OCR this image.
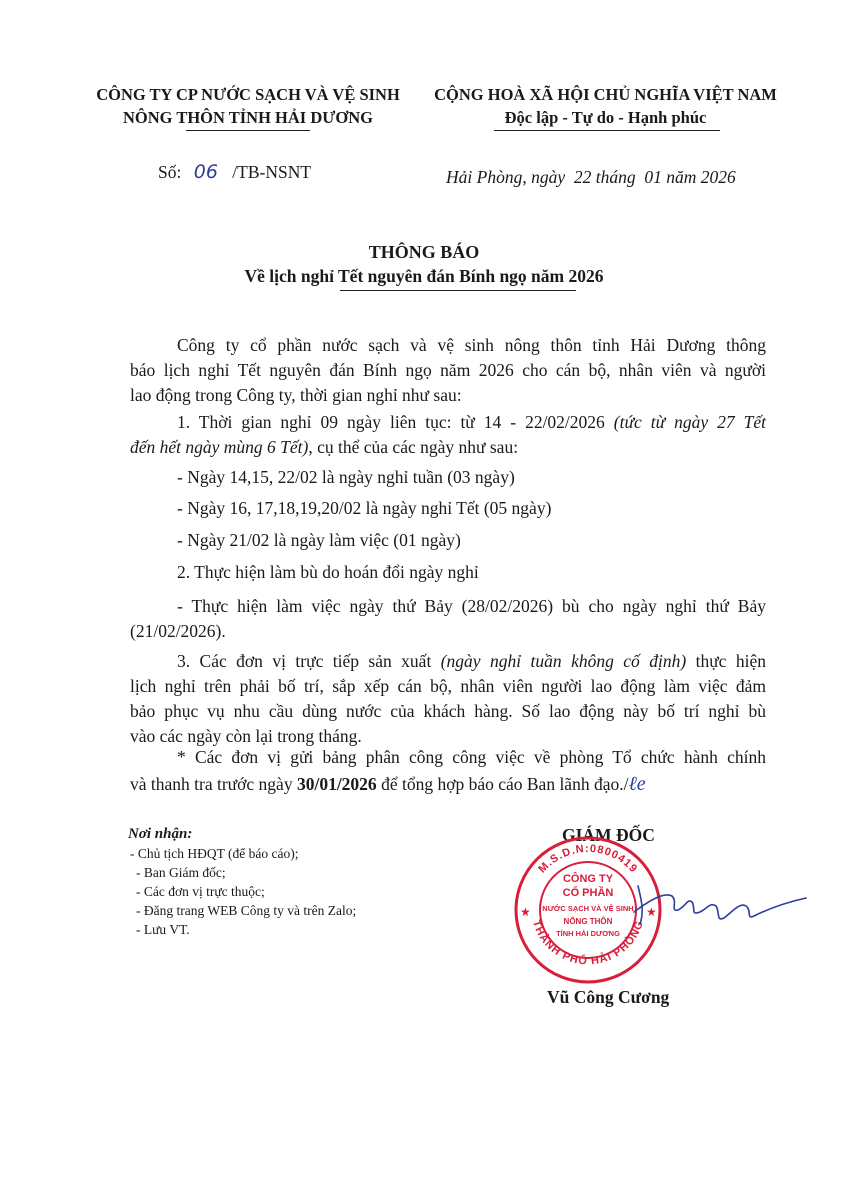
CÔNG TY CP NƯỚC SẠCH VÀ VỆ SINH
NÔNG THÔN TỈNH HẢI DƯƠNG
CỘNG HOÀ XÃ HỘI CHỦ NGHĨA VIỆT NAM
Độc lập - Tự do - Hạnh phúc
Số: 06 /TB-NSNT	Hải Phòng, ngày  22 tháng  01 năm 2026
THÔNG BÁO
Về lịch nghỉ Tết nguyên đán Bính ngọ năm 2026
Công ty cổ phần nước sạch và vệ sinh nông thôn tỉnh Hải Dương thông
báo lịch nghỉ Tết nguyên đán Bính ngọ năm 2026 cho cán bộ, nhân viên và người
lao động trong Công ty, thời gian nghỉ như sau:
1. Thời gian nghỉ 09 ngày liên tục: từ 14 - 22/02/2026 (tức từ ngày 27 Tết
đến hết ngày mùng 6 Tết), cụ thể của các ngày như sau:
- Ngày 14,15, 22/02 là ngày nghỉ tuần (03 ngày)
- Ngày 16, 17,18,19,20/02 là ngày nghỉ Tết (05 ngày)
- Ngày 21/02 là ngày làm việc (01 ngày)
2. Thực hiện làm bù do hoán đổi ngày nghỉ
- Thực hiện làm việc ngày thứ Bảy (28/02/2026) bù cho ngày nghỉ thứ Bảy
(21/02/2026).
3. Các đơn vị trực tiếp sản xuất (ngày nghỉ tuần không cố định) thực hiện
lịch nghỉ trên phải bố trí, sắp xếp cán bộ, nhân viên người lao động làm việc đảm
bảo phục vụ nhu cầu dùng nước của khách hàng. Số lao động này bố trí nghỉ bù
vào các ngày còn lại trong tháng.
* Các đơn vị gửi bảng phân công công việc về phòng Tổ chức hành chính
và thanh tra trước ngày 30/01/2026 để tổng hợp báo cáo Ban lãnh đạo./ℓe
Nơi nhận:
- Chủ tịch HĐQT (để báo cáo);
- Ban Giám đốc;
- Các đơn vị trực thuộc;
- Đăng trang WEB Công ty và trên Zalo;
- Lưu VT.
GIÁM ĐỐC
M.S.D.N:0800419
THÀNH PHỐ HẢI PHÒNG
★	★
CÔNG TY
CỔ PHẦN
NƯỚC SẠCH VÀ VỆ SINH
NÔNG THÔN
TỈNH HẢI DƯƠNG
Vũ Công Cương
